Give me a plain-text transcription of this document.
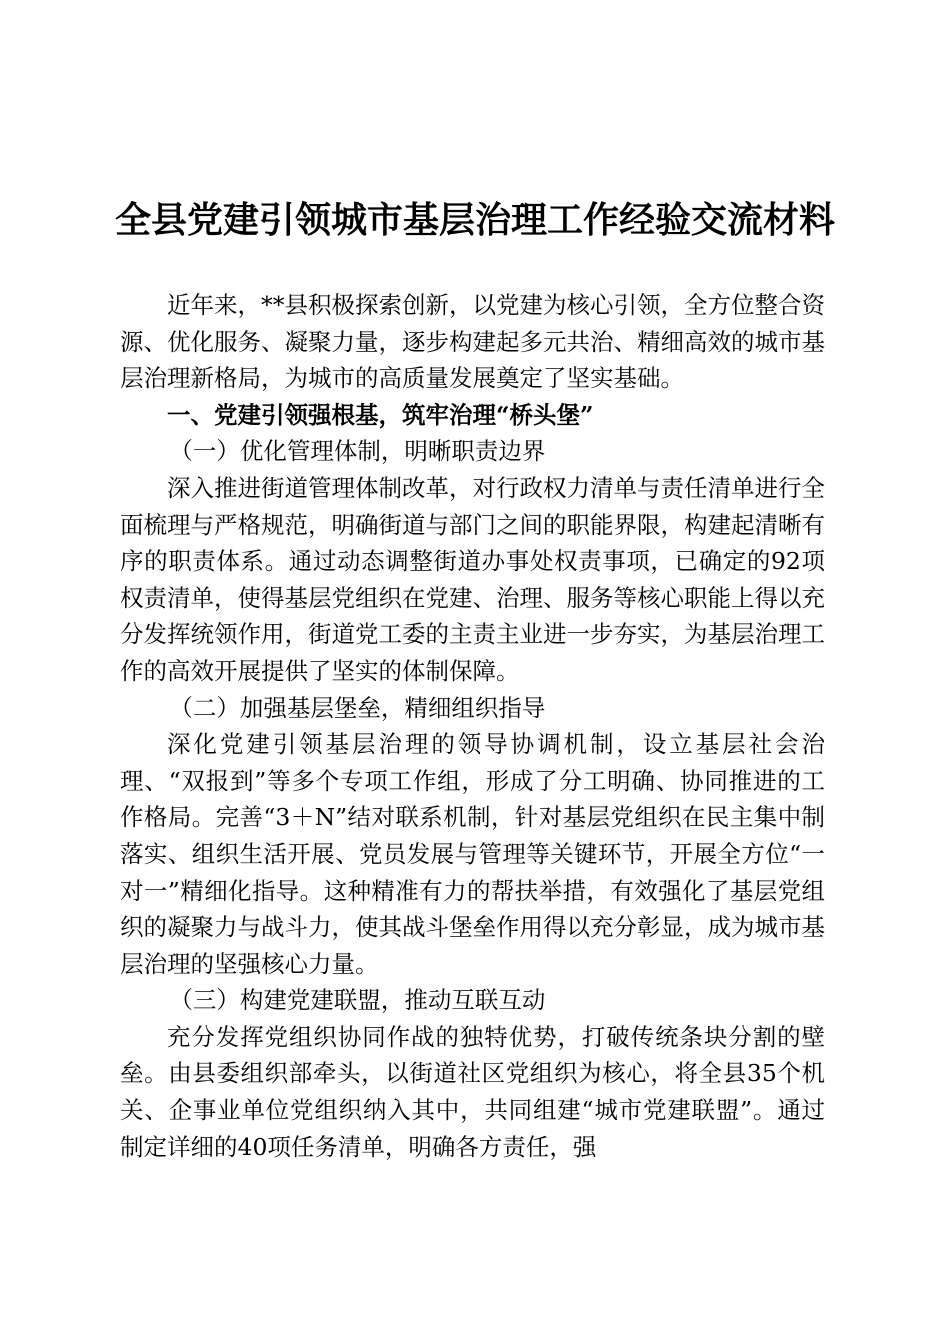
全县党建引领城市基层治理工作经验交流材料

近年来，**县积极探索创新，以党建为核心引领，全方位整合资源、优化服务、凝聚力量，逐步构建起多元共治、精细高效的城市基层治理新格局，为城市的高质量发展奠定了坚实基础。

一、党建引领强根基，筑牢治理“桥头堡”

（一）优化管理体制，明晰职责边界

深入推进街道管理体制改革，对行政权力清单与责任清单进行全面梳理与严格规范，明确街道与部门之间的职能界限，构建起清晰有序的职责体系。通过动态调整街道办事处权责事项，已确定的92项权责清单，使得基层党组织在党建、治理、服务等核心职能上得以充分发挥统领作用，街道党工委的主责主业进一步夯实，为基层治理工作的高效开展提供了坚实的体制保障。

（二）加强基层堡垒，精细组织指导

深化党建引领基层治理的领导协调机制，设立基层社会治理、“双报到”等多个专项工作组，形成了分工明确、协同推进的工作格局。完善“3＋N”结对联系机制，针对基层党组织在民主集中制落实、组织生活开展、党员发展与管理等关键环节，开展全方位“一对一”精细化指导。这种精准有力的帮扶举措，有效强化了基层党组织的凝聚力与战斗力，使其战斗堡垒作用得以充分彰显，成为城市基层治理的坚强核心力量。

（三）构建党建联盟，推动互联互动

充分发挥党组织协同作战的独特优势，打破传统条块分割的壁垒。由县委组织部牵头，以街道社区党组织为核心，将全县35个机关、企事业单位党组织纳入其中，共同组建“城市党建联盟”。通过制定详细的40项任务清单，明确各方责任，强
